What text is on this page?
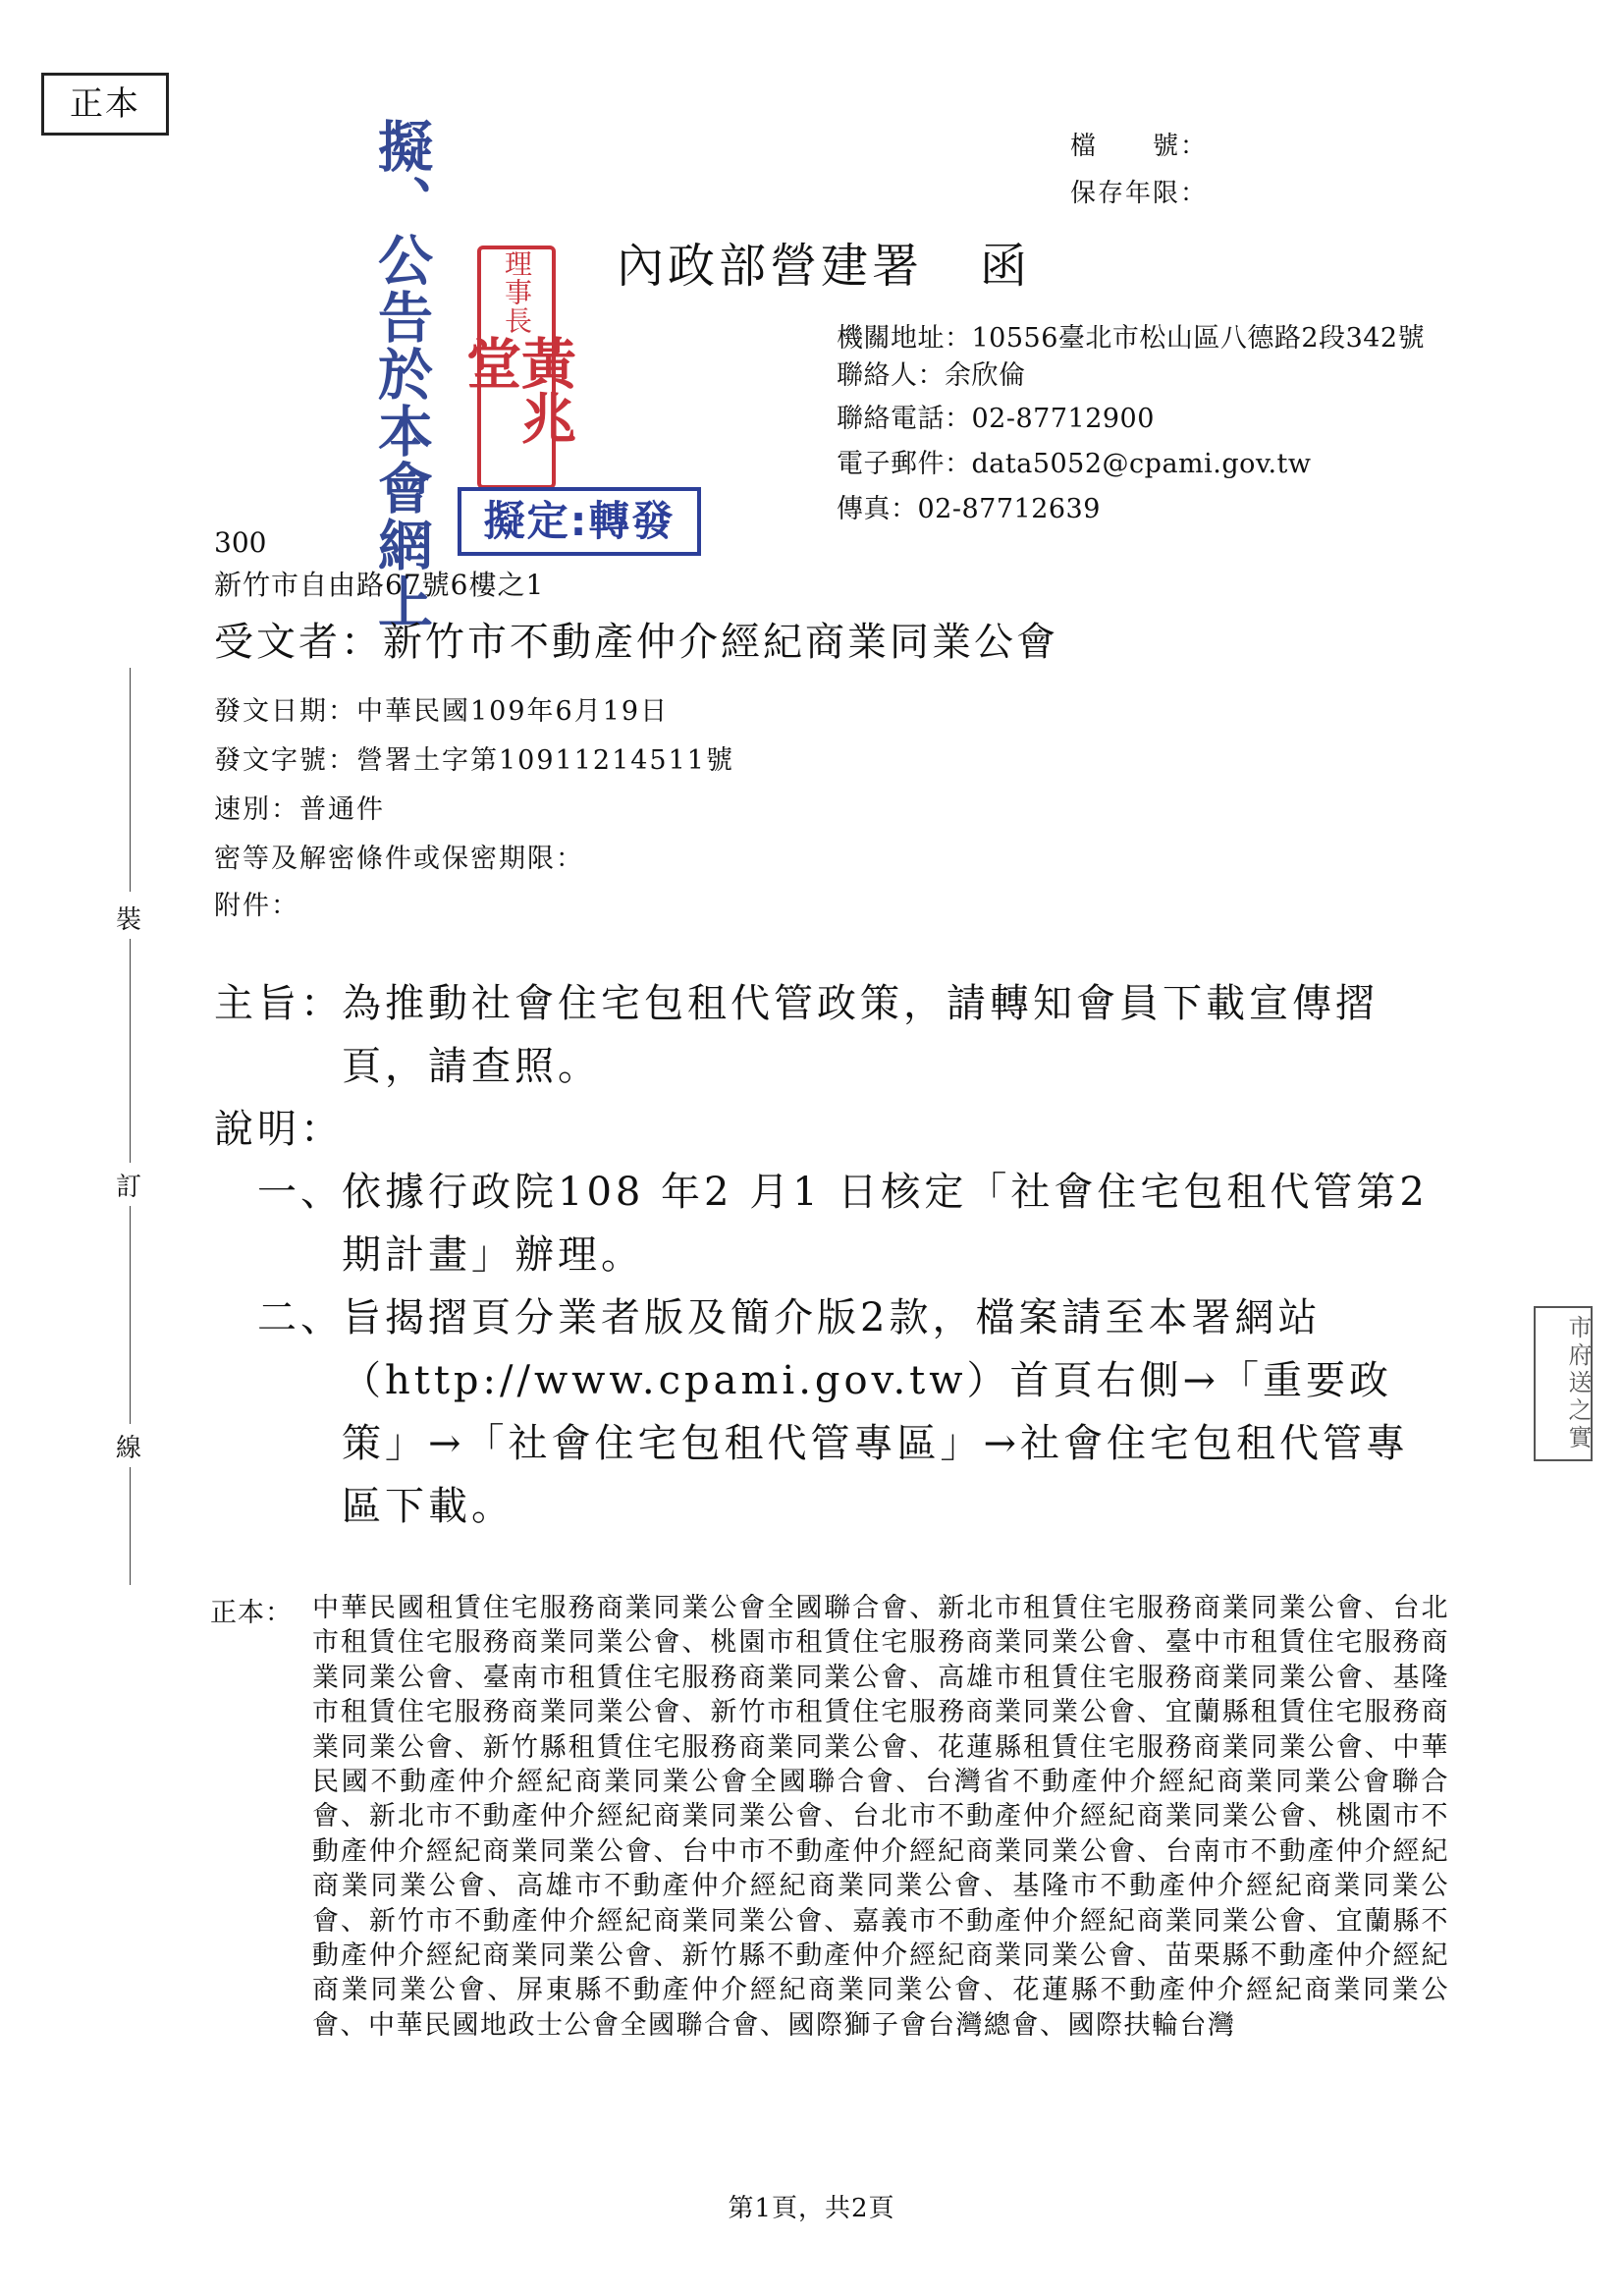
正本
檔　　號：
保存年限：
擬、公告於本會網上 理事長
黃兆堂
擬定:轉發
內政部營建署 函
機關地址：10556臺北市松山區八德路2段342號
聯絡人：余欣倫
聯絡電話：02-87712900
電子郵件：data5052@cpami.gov.tw
傳真：02-87712639
300
新竹市自由路67號6樓之1
受文者：新竹市不動產仲介經紀商業同業公會
發文日期：中華民國109年6月19日
發文字號：營署土字第10911214511號
速別：普通件
密等及解密條件或保密期限：
附件：
裝
訂
線
主旨：
為推動社會住宅包租代管政策，請轉知會員下載宣傳摺頁，請查照。
說明：
一、
依據行政院108 年2 月1 日核定「社會住宅包租代管第2期計畫」辦理。
二、
旨揭摺頁分業者版及簡介版2款，檔案請至本署網站（http://www.cpami.gov.tw）首頁右側→「重要政策」→「社會住宅包租代管專區」→社會住宅包租代管專區下載。
市府送之實
正本： 中華民國租賃住宅服務商業同業公會全國聯合會、新北市租賃住宅服務商業同業公會、台北市租賃住宅服務商業同業公會、桃園市租賃住宅服務商業同業公會、臺中市租賃住宅服務商業同業公會、臺南市租賃住宅服務商業同業公會、高雄市租賃住宅服務商業同業公會、基隆市租賃住宅服務商業同業公會、新竹市租賃住宅服務商業同業公會、宜蘭縣租賃住宅服務商業同業公會、新竹縣租賃住宅服務商業同業公會、花蓮縣租賃住宅服務商業同業公會、中華民國不動產仲介經紀商業同業公會全國聯合會、台灣省不動產仲介經紀商業同業公會聯合會、新北市不動產仲介經紀商業同業公會、台北市不動產仲介經紀商業同業公會、桃園市不動產仲介經紀商業同業公會、台中市不動產仲介經紀商業同業公會、台南市不動產仲介經紀商業同業公會、高雄市不動產仲介經紀商業同業公會、基隆市不動產仲介經紀商業同業公會、新竹市不動產仲介經紀商業同業公會、嘉義市不動產仲介經紀商業同業公會、宜蘭縣不動產仲介經紀商業同業公會、新竹縣不動產仲介經紀商業同業公會、苗栗縣不動產仲介經紀商業同業公會、屏東縣不動產仲介經紀商業同業公會、花蓮縣不動產仲介經紀商業同業公會、中華民國地政士公會全國聯合會、國際獅子會台灣總會、國際扶輪台灣
第1頁，共2頁
